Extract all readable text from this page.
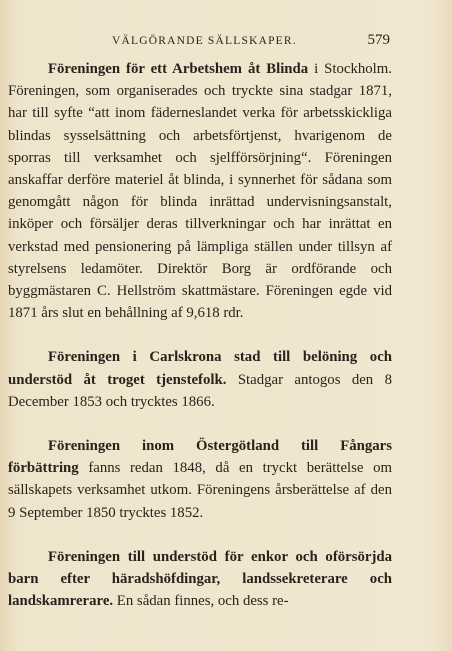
VÄLGÖRANDE SÄLLSKAPER.	579

Föreningen för ett Arbetshem åt Blinda i Stockholm. Föreningen, som organiserades och tryckte sina stadgar 1871, har till syfte “att inom fäderneslandet verka för arbetsskickliga blindas sysselsättning och arbetsförtjenst, hvarigenom de sporras till verksamhet och sjelfförsörjning“. Föreningen anskaffar derföre materiel åt blinda, i synnerhet för sådana som genomgått någon för blinda inrättad undervisningsanstalt, inköper och försäljer deras tillverkningar och har inrättat en verkstad med pensionering på lämpliga ställen under tillsyn af styrelsens ledamöter. Direktör Borg är ordförande och byggmästaren C. Hellström skattmästare. Föreningen egde vid 1871 års slut en behållning af 9,618 rdr.

Föreningen i Carlskrona stad till belöning och understöd åt troget tjenstefolk. Stadgar antogos den 8 December 1853 och trycktes 1866.

Föreningen inom Östergötland till Fångars förbättring fanns redan 1848, då en tryckt berättelse om sällskapets verksamhet utkom. Föreningens årsberättelse af den 9 September 1850 trycktes 1852.

Föreningen till understöd för enkor och oförsörjda barn efter häradshöfdingar, landssekreterare och landskamrerare. En sådan finnes, och dess re-
